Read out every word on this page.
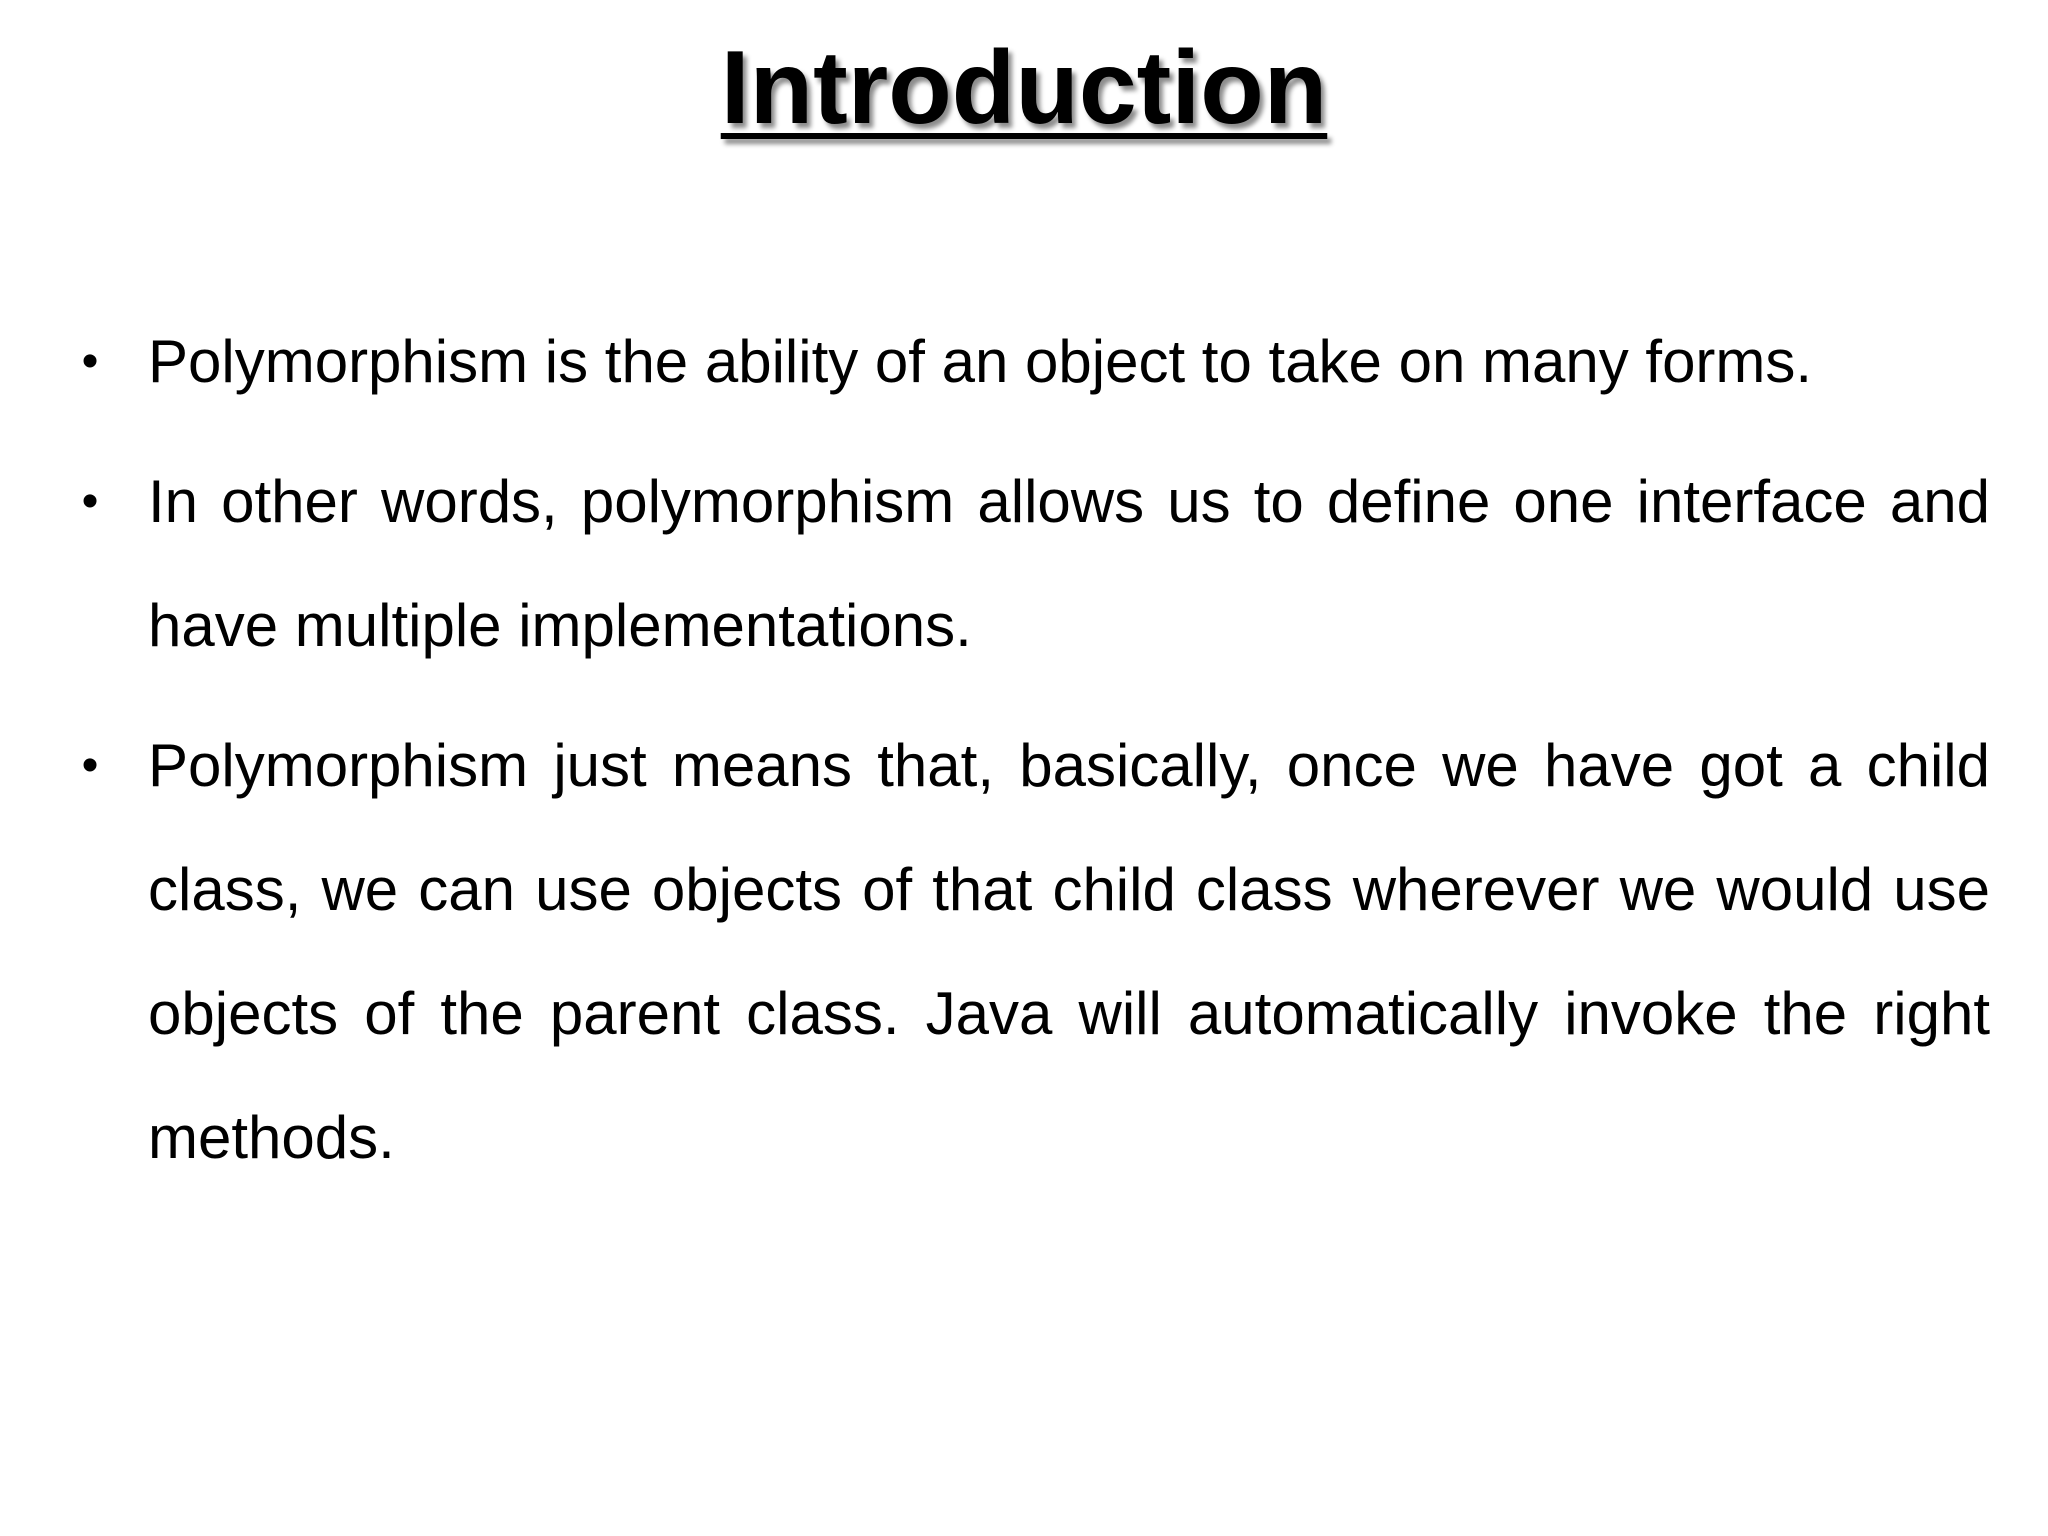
Introduction
• Polymorphism is the ability of an object to take on many forms.
• In other words, polymorphism allows us to define one interface and have multiple implementations.
• Polymorphism just means that, basically, once we have got a child class, we can use objects of that child class wherever we would use objects of the parent class. Java will automatically invoke the right methods.
